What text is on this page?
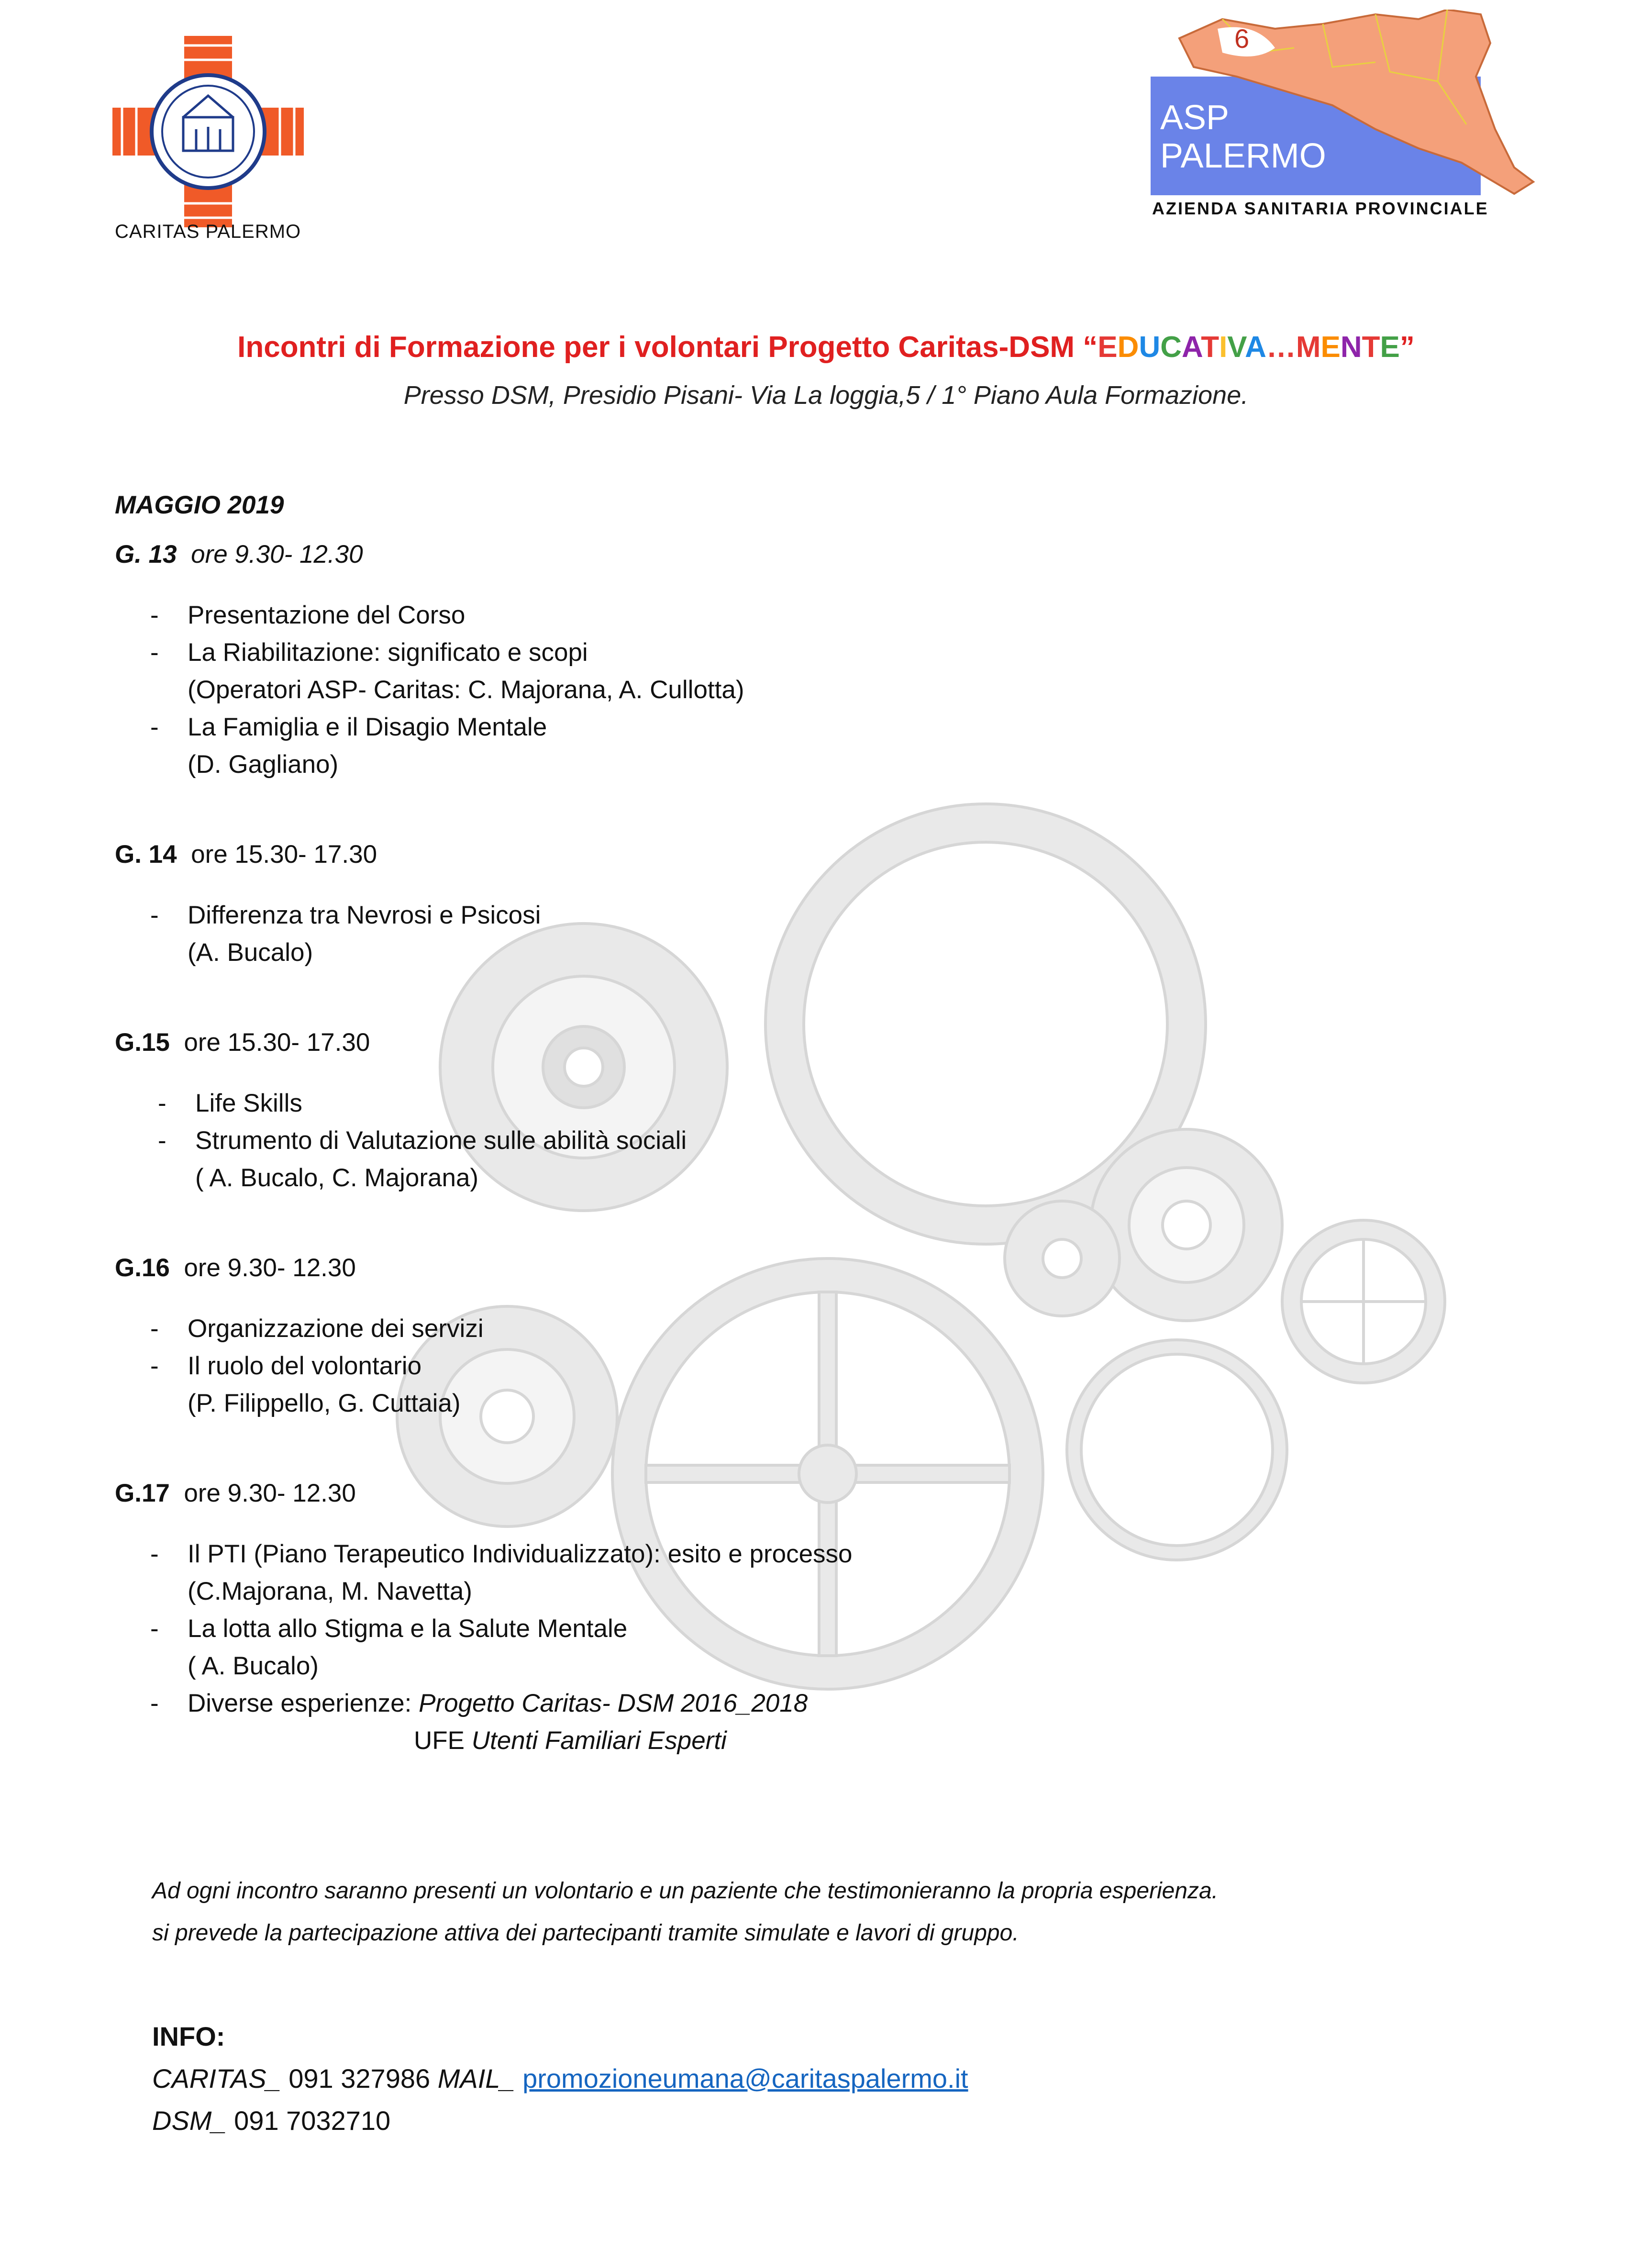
CARITAS PALERMO
6
ASP
PALERMO
AZIENDA SANITARIA PROVINCIALE
Incontri di Formazione per i volontari Progetto Caritas-DSM “EDUCATIVA…MENTE”
Presso DSM, Presidio Pisani- Via La loggia,5 / 1° Piano Aula Formazione.
MAGGIO 2019
G. 13 ore 9.30- 12.30
- Presentazione del Corso
- La Riabilitazione: significato e scopi
(Operatori ASP- Caritas: C. Majorana, A. Cullotta)
- La Famiglia e il Disagio Mentale
(D. Gagliano)
G. 14 ore 15.30- 17.30
- Differenza tra Nevrosi e Psicosi
(A. Bucalo)
G.15 ore 15.30- 17.30
- Life Skills
- Strumento di Valutazione sulle abilità sociali
( A. Bucalo, C. Majorana)
G.16 ore 9.30- 12.30
- Organizzazione dei servizi
- Il ruolo del volontario
(P. Filippello, G. Cuttaia)
G.17 ore 9.30- 12.30
- Il PTI (Piano Terapeutico Individualizzato): esito e processo
(C.Majorana, M. Navetta)
- La lotta allo Stigma e la Salute Mentale
( A. Bucalo)
- Diverse esperienze: Progetto Caritas- DSM 2016_2018
UFE Utenti Familiari Esperti
Ad ogni incontro saranno presenti un volontario e un paziente che testimonieranno la propria esperienza.
si prevede la partecipazione attiva dei partecipanti tramite simulate e lavori di gruppo.
INFO:
CARITAS_ 091 327986 MAIL_ promozioneumana@caritaspalermo.it
DSM_ 091 7032710
